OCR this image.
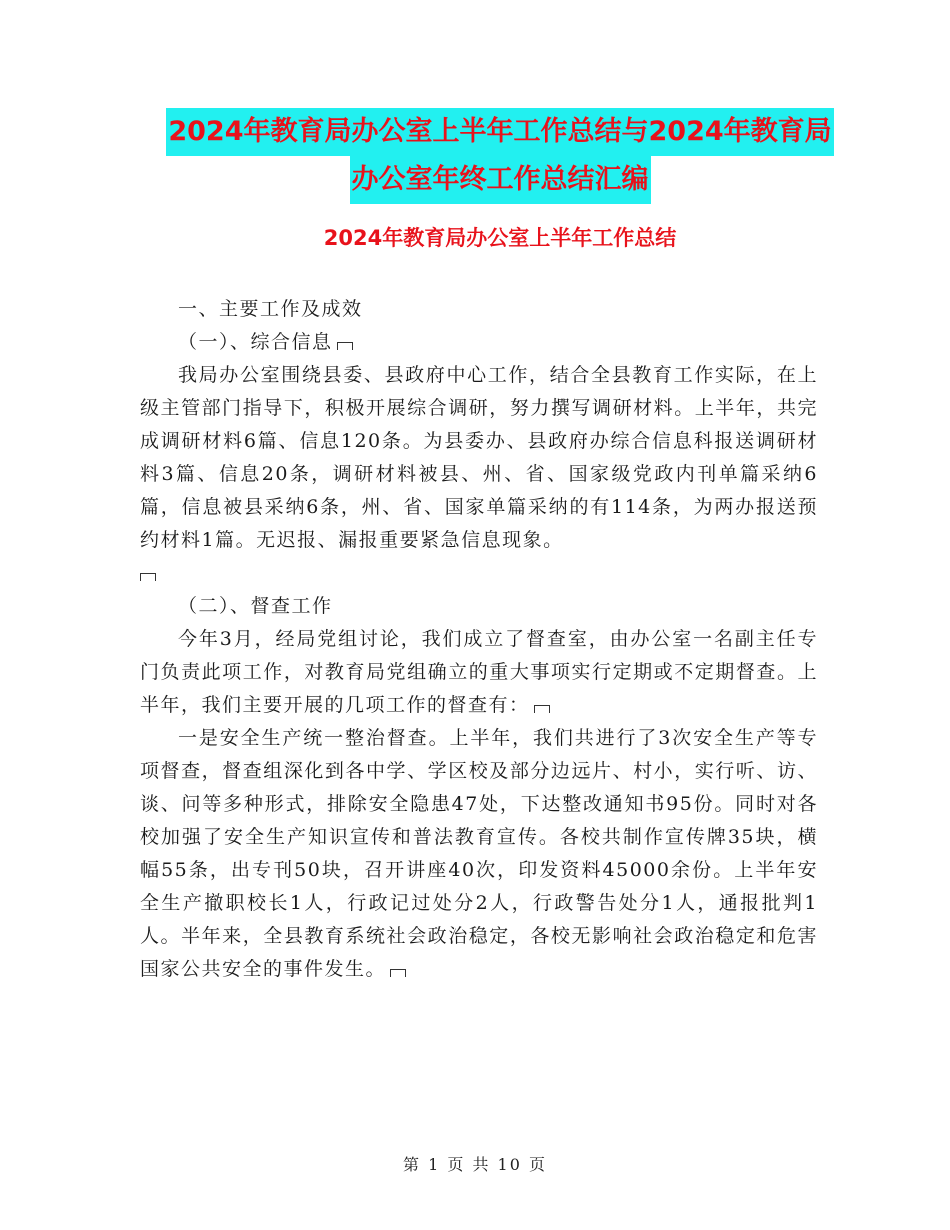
2024年教育局办公室上半年工作总结与2024年教育局
办公室年终工作总结汇编
2024年教育局办公室上半年工作总结

一、主要工作及成效

（一）、综合信息

我局办公室围绕县委、县政府中心工作，结合全县教育工作实际，在上级主管部门指导下，积极开展综合调研，努力撰写调研材料。上半年，共完成调研材料6篇、信息120条。为县委办、县政府办综合信息科报送调研材料3篇、信息20条，调研材料被县、州、省、国家级党政内刊单篇采纳6篇，信息被县采纳6条，州、省、国家单篇采纳的有114条，为两办报送预约材料1篇。无迟报、漏报重要紧急信息现象。

（二）、督查工作

今年3月，经局党组讨论，我们成立了督查室，由办公室一名副主任专门负责此项工作，对教育局党组确立的重大事项实行定期或不定期督查。上半年，我们主要开展的几项工作的督查有：

一是安全生产统一整治督查。上半年，我们共进行了3次安全生产等专项督查，督查组深化到各中学、学区校及部分边远片、村小，实行听、访、谈、问等多种形式，排除安全隐患47处，下达整改通知书95份。同时对各校加强了安全生产知识宣传和普法教育宣传。各校共制作宣传牌35块，横幅55条，出专刊50块，召开讲座40次，印发资料45000余份。上半年安全生产撤职校长1人，行政记过处分2人，行政警告处分1人，通报批判1人。半年来，全县教育系统社会政治稳定，各校无影响社会政治稳定和危害国家公共安全的事件发生。

第 1 页 共 10 页
